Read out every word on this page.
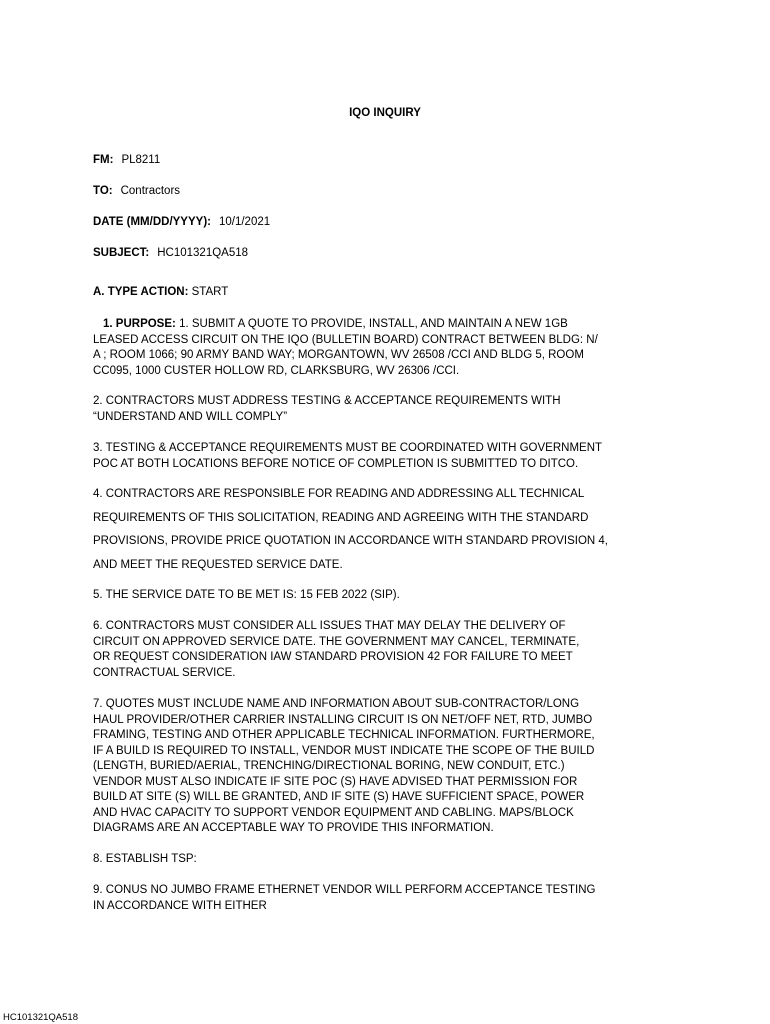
IQO INQUIRY
FM: PL8211
TO: Contractors
DATE (MM/DD/YYYY): 10/1/2021
SUBJECT: HC101321QA518
A. TYPE ACTION: START
1. PURPOSE: 1. SUBMIT A QUOTE TO PROVIDE, INSTALL, AND MAINTAIN A NEW 1GB
LEASED ACCESS CIRCUIT ON THE IQO (BULLETIN BOARD) CONTRACT BETWEEN BLDG: N/
A ; ROOM 1066; 90 ARMY BAND WAY; MORGANTOWN, WV 26508 /CCI AND BLDG 5, ROOM
CC095, 1000 CUSTER HOLLOW RD, CLARKSBURG, WV 26306 /CCI.
2. CONTRACTORS MUST ADDRESS TESTING & ACCEPTANCE REQUIREMENTS WITH
“UNDERSTAND AND WILL COMPLY”
3. TESTING & ACCEPTANCE REQUIREMENTS MUST BE COORDINATED WITH GOVERNMENT
POC AT BOTH LOCATIONS BEFORE NOTICE OF COMPLETION IS SUBMITTED TO DITCO.
4. CONTRACTORS ARE RESPONSIBLE FOR READING AND ADDRESSING ALL TECHNICAL
REQUIREMENTS OF THIS SOLICITATION, READING AND AGREEING WITH THE STANDARD
PROVISIONS, PROVIDE PRICE QUOTATION IN ACCORDANCE WITH STANDARD PROVISION 4,
AND MEET THE REQUESTED SERVICE DATE.
5. THE SERVICE DATE TO BE MET IS: 15 FEB 2022 (SIP).
6. CONTRACTORS MUST CONSIDER ALL ISSUES THAT MAY DELAY THE DELIVERY OF
CIRCUIT ON APPROVED SERVICE DATE. THE GOVERNMENT MAY CANCEL, TERMINATE,
OR REQUEST CONSIDERATION IAW STANDARD PROVISION 42 FOR FAILURE TO MEET
CONTRACTUAL SERVICE.
7. QUOTES MUST INCLUDE NAME AND INFORMATION ABOUT SUB-CONTRACTOR/LONG
HAUL PROVIDER/OTHER CARRIER INSTALLING CIRCUIT IS ON NET/OFF NET, RTD, JUMBO
FRAMING, TESTING AND OTHER APPLICABLE TECHNICAL INFORMATION. FURTHERMORE,
IF A BUILD IS REQUIRED TO INSTALL, VENDOR MUST INDICATE THE SCOPE OF THE BUILD
(LENGTH, BURIED/AERIAL, TRENCHING/DIRECTIONAL BORING, NEW CONDUIT, ETC.)
VENDOR MUST ALSO INDICATE IF SITE POC (S) HAVE ADVISED THAT PERMISSION FOR
BUILD AT SITE (S) WILL BE GRANTED, AND IF SITE (S) HAVE SUFFICIENT SPACE, POWER
AND HVAC CAPACITY TO SUPPORT VENDOR EQUIPMENT AND CABLING. MAPS/BLOCK
DIAGRAMS ARE AN ACCEPTABLE WAY TO PROVIDE THIS INFORMATION.
8. ESTABLISH TSP:
9. CONUS NO JUMBO FRAME ETHERNET VENDOR WILL PERFORM ACCEPTANCE TESTING
IN ACCORDANCE WITH EITHER
HC101321QA518
